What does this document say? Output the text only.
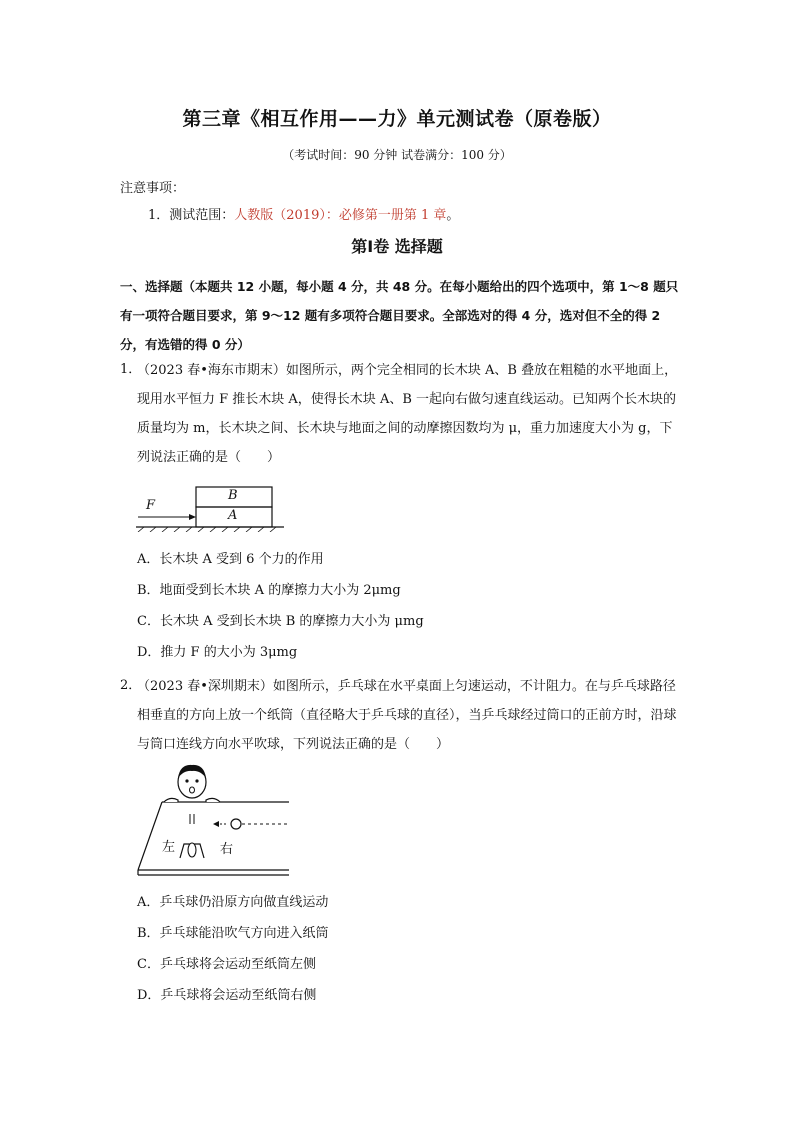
第三章《相互作用——力》单元测试卷（原卷版）
（考试时间：90 分钟 试卷满分：100 分）
注意事项：
1．测试范围：人教版（2019）：必修第一册第 1 章。
第Ⅰ卷 选择题
一、选择题（本题共 12 小题，每小题 4 分，共 48 分。在每小题给出的四个选项中，第 1～8 题只有一项符合题目要求，第 9～12 题有多项符合题目要求。全部选对的得 4 分，选对但不全的得 2 分，有选错的得 0 分）
1．
（2023 春•海东市期末）如图所示，两个完全相同的长木块 A、B 叠放在粗糙的水平地面上，现用水平恒力 F 推长木块 A，使得长木块 A、B 一起向右做匀速直线运动。已知两个长木块的质量均为 m，长木块之间、长木块与地面之间的动摩擦因数均为 μ，重力加速度大小为 g，下列说法正确的是（　　）
F
B
A
A．长木块 A 受到 6 个力的作用
B．地面受到长木块 A 的摩擦力大小为 2μmg
C．长木块 A 受到长木块 B 的摩擦力大小为 μmg
D．推力 F 的大小为 3μmg
2．
（2023 春•深圳期末）如图所示，乒乓球在水平桌面上匀速运动，不计阻力。在与乒乓球路径相垂直的方向上放一个纸筒（直径略大于乒乓球的直径），当乒乓球经过筒口的正前方时，沿球与筒口连线方向水平吹球，下列说法正确的是（　　）
左	右
A．乒乓球仍沿原方向做直线运动
B．乒乓球能沿吹气方向进入纸筒
C．乒乓球将会运动至纸筒左侧
D．乒乓球将会运动至纸筒右侧
